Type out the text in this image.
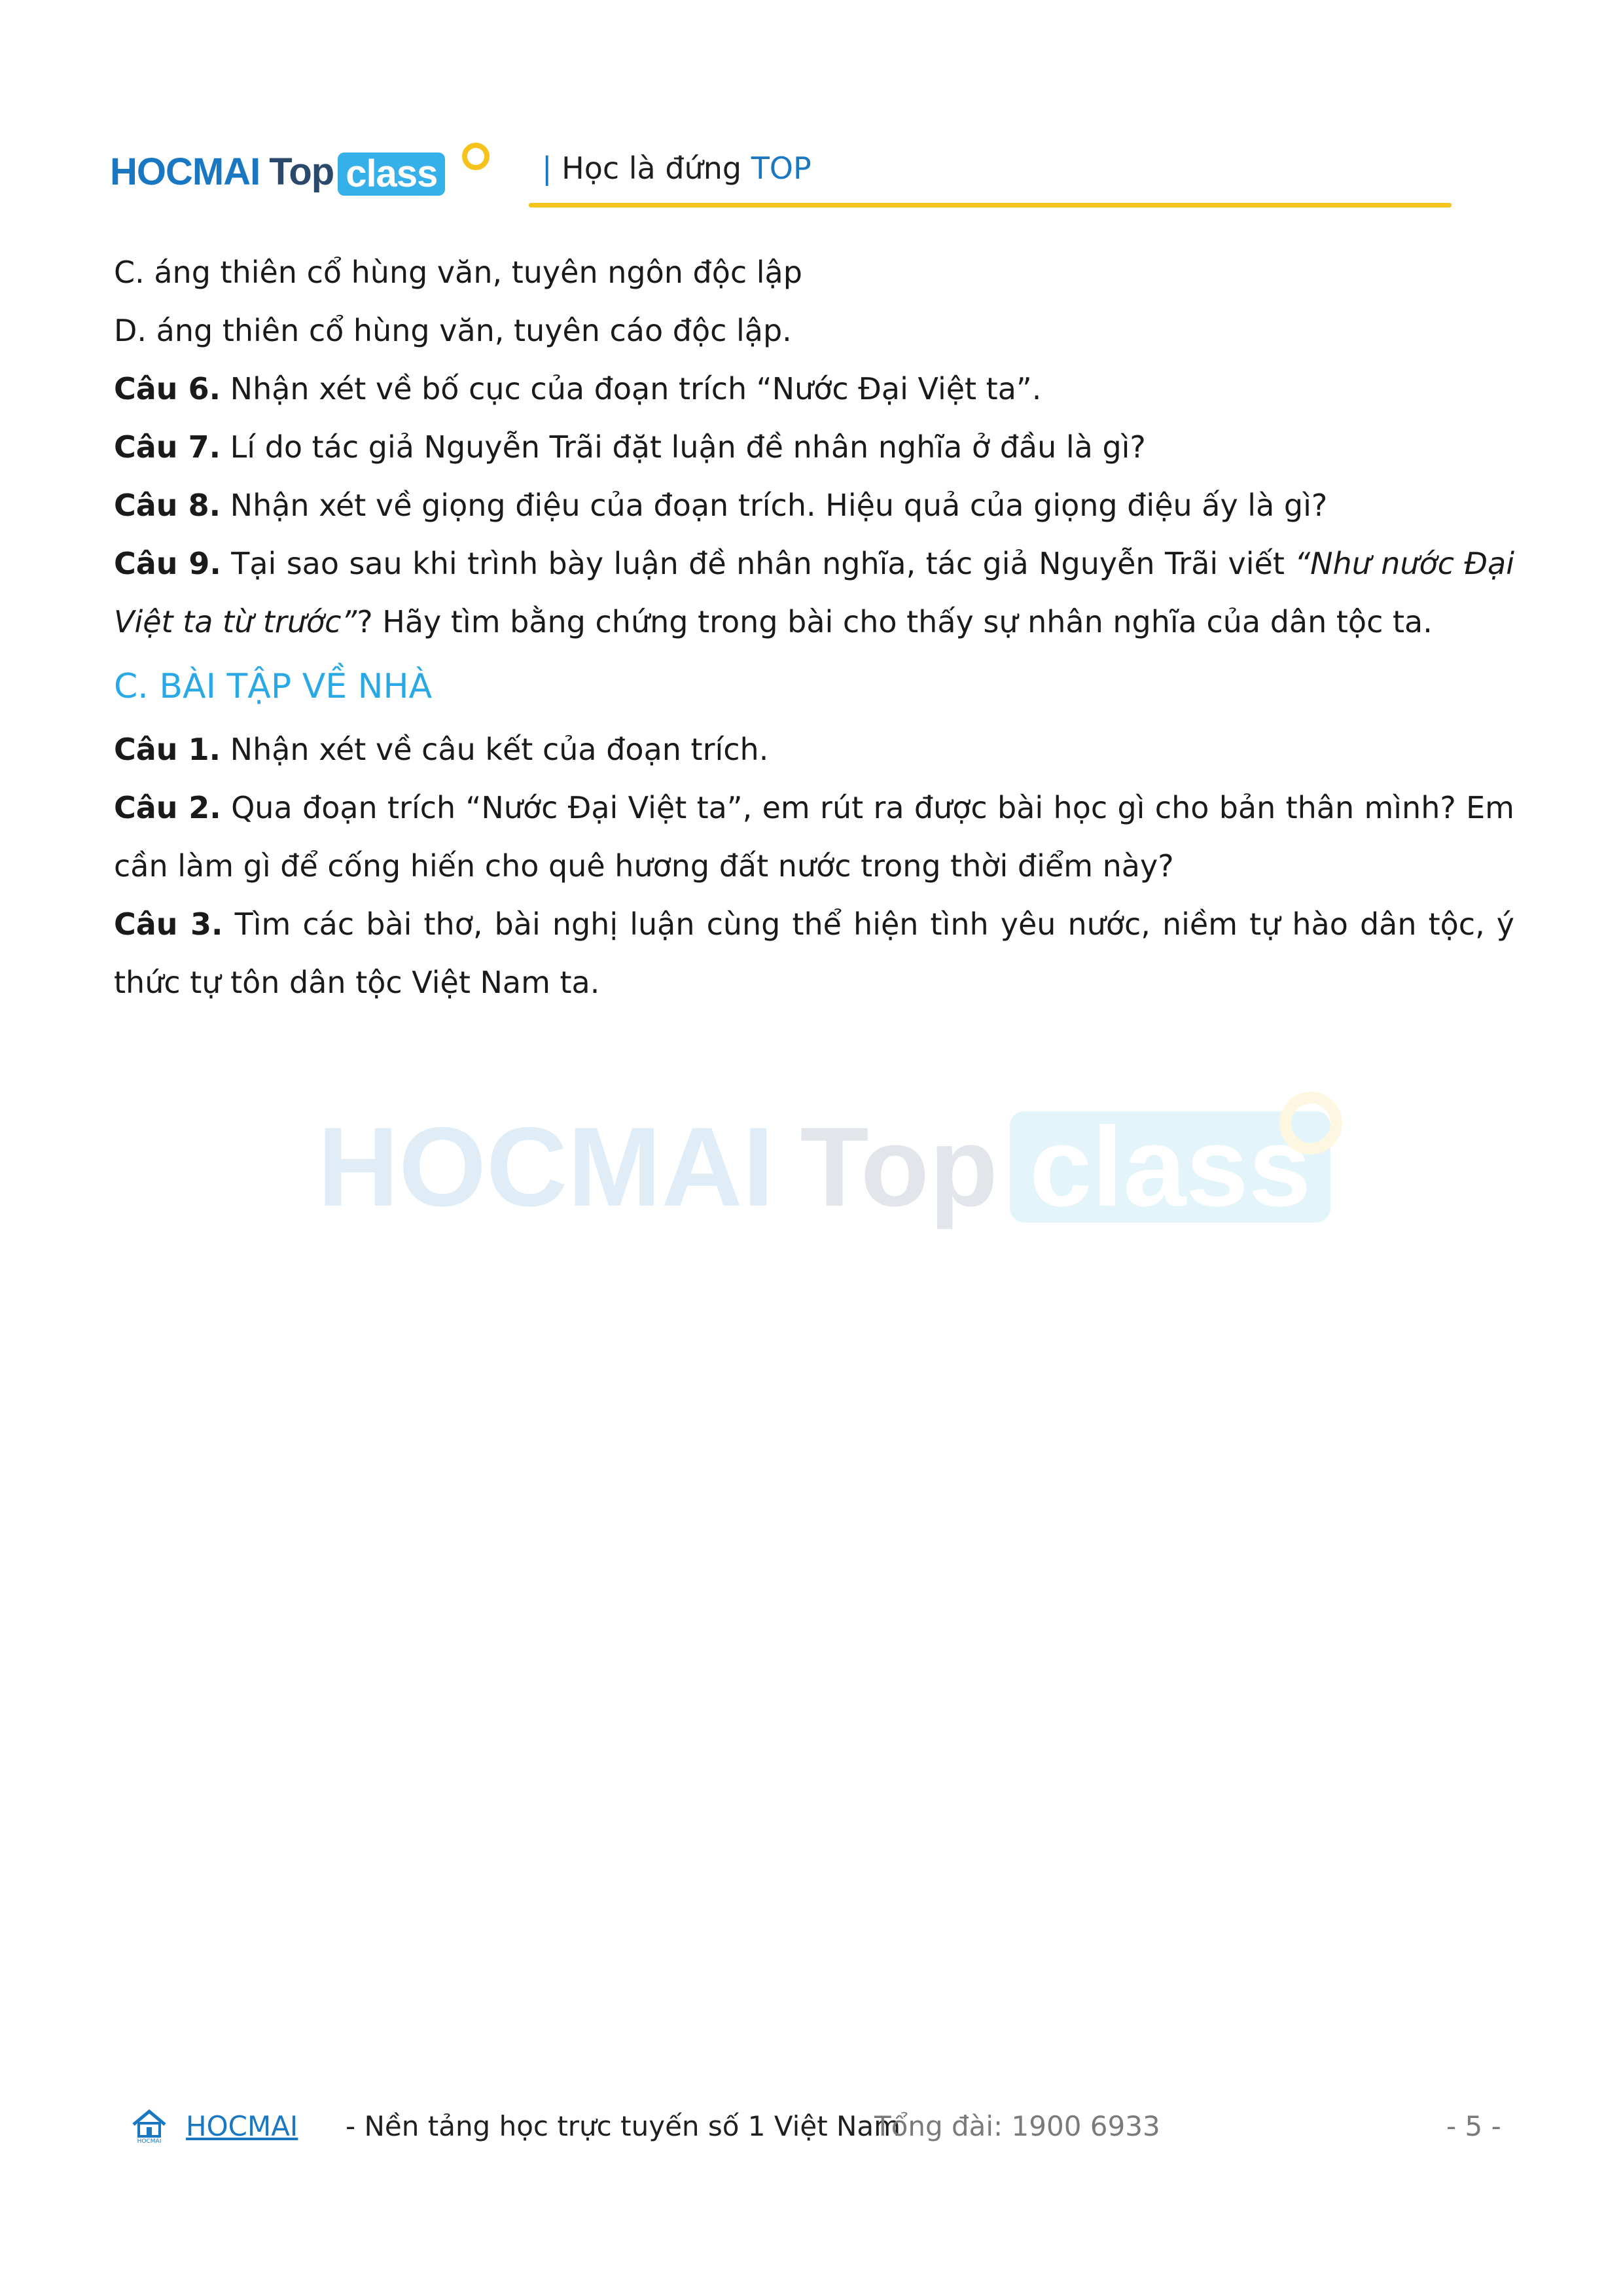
HOCMAI Top class	| Học là đứng TOP
C. áng thiên cổ hùng văn, tuyên ngôn độc lập
D. áng thiên cổ hùng văn, tuyên cáo độc lập.
Câu 6. Nhận xét về bố cục của đoạn trích “Nước Đại Việt ta”.
Câu 7. Lí do tác giả Nguyễn Trãi đặt luận đề nhân nghĩa ở đầu là gì?
Câu 8. Nhận xét về giọng điệu của đoạn trích. Hiệu quả của giọng điệu ấy là gì?
Câu 9. Tại sao sau khi trình bày luận đề nhân nghĩa, tác giả Nguyễn Trãi viết “Như nước Đại Việt ta từ trước”? Hãy tìm bằng chứng trong bài cho thấy sự nhân nghĩa của dân tộc ta.
C. BÀI TẬP VỀ NHÀ
Câu 1. Nhận xét về câu kết của đoạn trích.
Câu 2. Qua đoạn trích “Nước Đại Việt ta”, em rút ra được bài học gì cho bản thân mình? Em cần làm gì để cống hiến cho quê hương đất nước trong thời điểm này?
Câu 3. Tìm các bài thơ, bài nghị luận cùng thể hiện tình yêu nước, niềm tự hào dân tộc, ý thức tự tôn dân tộc Việt Nam ta.
HOCMAI Top class
HOCMAI HOCMAI - Nền tảng học trực tuyến số 1 Việt Nam
Tổng đài: 1900 6933	- 5 -
